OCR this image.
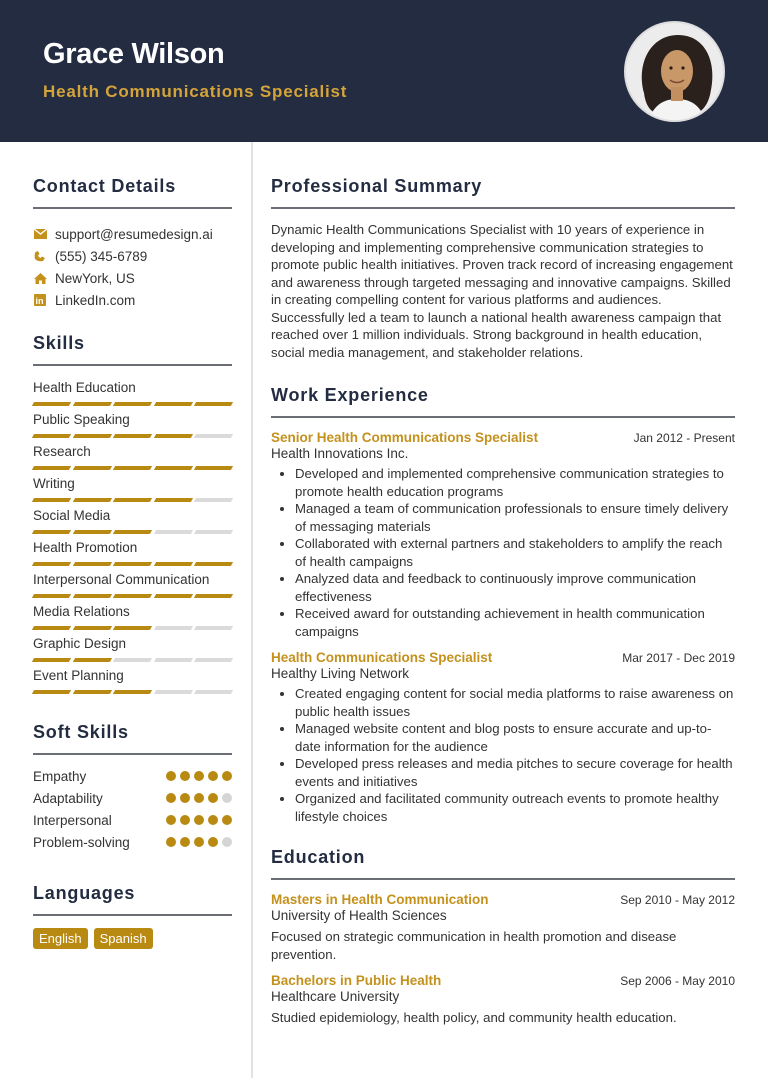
Grace Wilson
Health Communications Specialist
Contact Details
support@resumedesign.ai
(555) 345-6789
NewYork, US
in LinkedIn.com
Skills
Health Education
Public Speaking
Research
Writing
Social Media
Health Promotion
Interpersonal Communication
Media Relations
Graphic Design
Event Planning
Soft Skills
Empathy
Adaptability
Interpersonal
Problem-solving
Languages
English	Spanish
Professional Summary

Dynamic Health Communications Specialist with 10 years of experience in developing and implementing comprehensive communication strategies to promote public health initiatives. Proven track record of increasing engagement and awareness through targeted messaging and innovative campaigns. Skilled in creating compelling content for various platforms and audiences. Successfully led a team to launch a national health awareness campaign that reached over 1 million individuals. Strong background in health education, social media management, and stakeholder relations.

Work Experience
Senior Health Communications Specialist	Jan 2012 - Present
Health Innovations Inc.
• Developed and implemented comprehensive communication strategies to promote health education programs
• Managed a team of communication professionals to ensure timely delivery of messaging materials
• Collaborated with external partners and stakeholders to amplify the reach of health campaigns
• Analyzed data and feedback to continuously improve communication effectiveness
• Received award for outstanding achievement in health communication campaigns
Health Communications Specialist	Mar 2017 - Dec 2019
Healthy Living Network
• Created engaging content for social media platforms to raise awareness on public health issues
• Managed website content and blog posts to ensure accurate and up-to-date information for the audience
• Developed press releases and media pitches to secure coverage for health events and initiatives
• Organized and facilitated community outreach events to promote healthy lifestyle choices
Education
Masters in Health Communication	Sep 2010 - May 2012
University of Health Sciences

Focused on strategic communication in health promotion and disease prevention.

Bachelors in Public Health	Sep 2006 - May 2010
Healthcare University

Studied epidemiology, health policy, and community health education.
